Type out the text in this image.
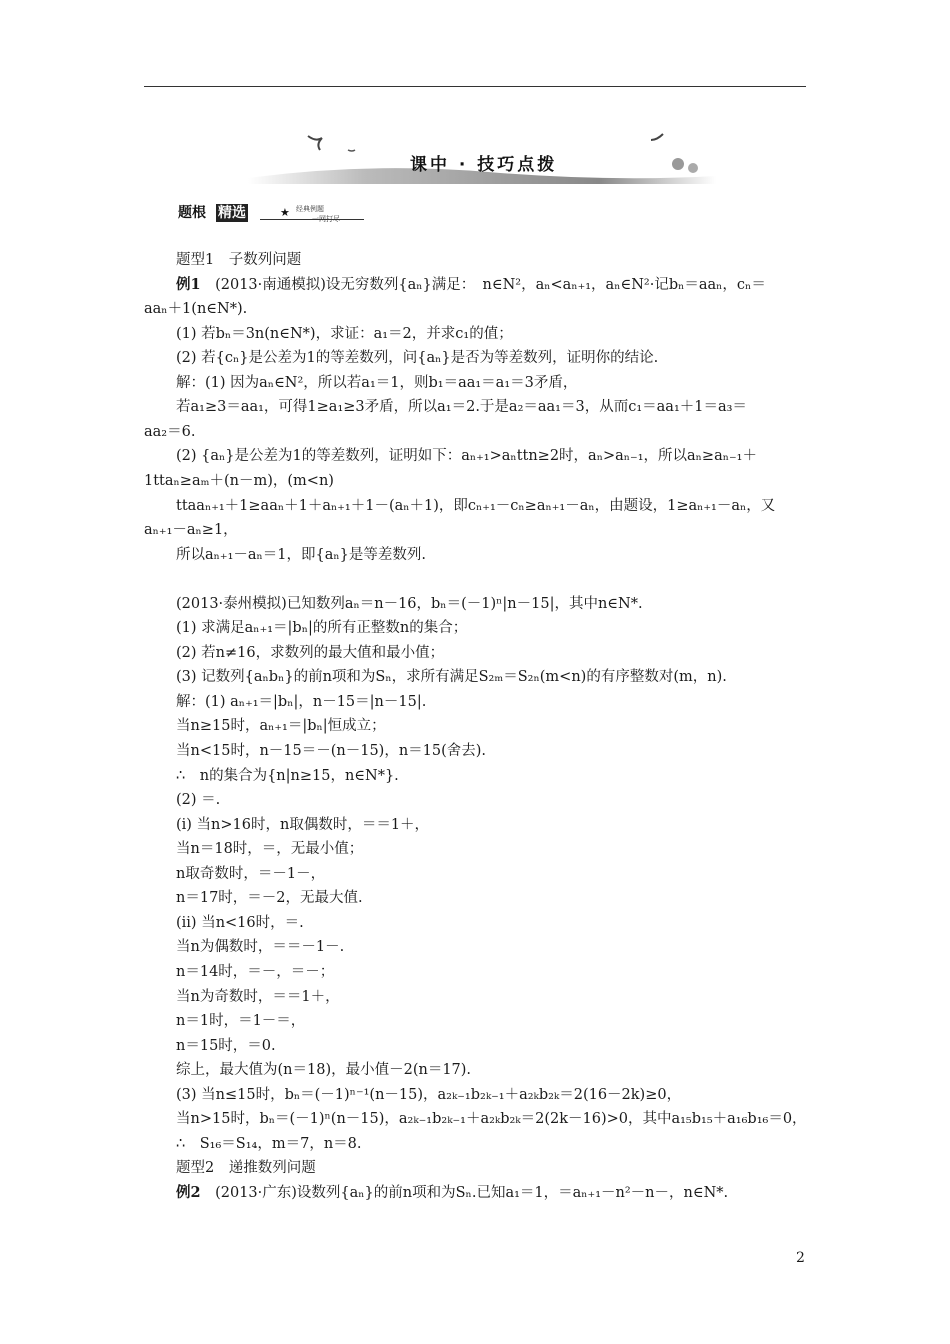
课中 · 技巧点拨
题根 精选	★ 经典例题
一网打尽
题型1　子数列问题
例1　(2013·南通模拟)设无穷数列{aₙ}满足：　n∈N²，aₙ<aₙ₊₁，aₙ∈N²·记bₙ＝aaₙ，cₙ＝
aaₙ＋1(n∈N*).
(1) 若bₙ＝3n(n∈N*)，求证：a₁＝2，并求c₁的值；
(2) 若{cₙ}是公差为1的等差数列，问{aₙ}是否为等差数列，证明你的结论.
解：(1) 因为aₙ∈N²，所以若a₁＝1，则b₁＝aa₁＝a₁＝3矛盾，
若a₁≥3＝aa₁，可得1≥a₁≥3矛盾，所以a₁＝2.于是a₂＝aa₁＝3，从而c₁＝aa₁＋1＝a₃＝
aa₂＝6.
(2) {aₙ}是公差为1的等差数列，证明如下：aₙ₊₁>aₙttn≥2时，aₙ>aₙ₋₁，所以aₙ≥aₙ₋₁＋
1ttaₙ≥aₘ＋(n－m)，(m<n)
ttaaₙ₊₁＋1≥aaₙ＋1＋aₙ₊₁＋1－(aₙ＋1)，即cₙ₊₁－cₙ≥aₙ₊₁－aₙ，由题设，1≥aₙ₊₁－aₙ，又
aₙ₊₁－aₙ≥1，
所以aₙ₊₁－aₙ＝1，即{aₙ}是等差数列.
(2013·泰州模拟)已知数列aₙ＝n－16，bₙ＝(－1)ⁿ|n－15|，其中n∈N*.
(1) 求满足aₙ₊₁＝|bₙ|的所有正整数n的集合；
(2) 若n≠16，求数列的最大值和最小值；
(3) 记数列{aₙbₙ}的前n项和为Sₙ，求所有满足S₂ₘ＝S₂ₙ(m<n)的有序整数对(m，n).
解：(1) aₙ₊₁＝|bₙ|，n－15＝|n－15|.
当n≥15时，aₙ₊₁＝|bₙ|恒成立；
当n<15时，n－15＝－(n－15)，n＝15(舍去).
∴　n的集合为{n|n≥15，n∈N*}.
(2) ＝.
(ⅰ) 当n>16时，n取偶数时，＝＝1＋，
当n＝18时，＝，无最小值；
n取奇数时，＝－1－，
n＝17时，＝－2，无最大值.
(ⅱ) 当n<16时，＝.
当n为偶数时，＝＝－1－.
n＝14时，＝－，＝－；
当n为奇数时，＝＝1＋，
n＝1时，＝1－＝，
n＝15时，＝0.
综上，最大值为(n＝18)，最小值－2(n＝17).
(3) 当n≤15时，bₙ＝(－1)ⁿ⁻¹(n－15)，a₂ₖ₋₁b₂ₖ₋₁＋a₂ₖb₂ₖ＝2(16－2k)≥0，
当n>15时，bₙ＝(－1)ⁿ(n－15)，a₂ₖ₋₁b₂ₖ₋₁＋a₂ₖb₂ₖ＝2(2k－16)>0，其中a₁₅b₁₅＋a₁₆b₁₆＝0，
∴　S₁₆＝S₁₄，m＝7，n＝8.
题型2　递推数列问题
例2　(2013·广东)设数列{aₙ}的前n项和为Sₙ.已知a₁＝1，＝aₙ₊₁－n²－n－，n∈N*.
2
